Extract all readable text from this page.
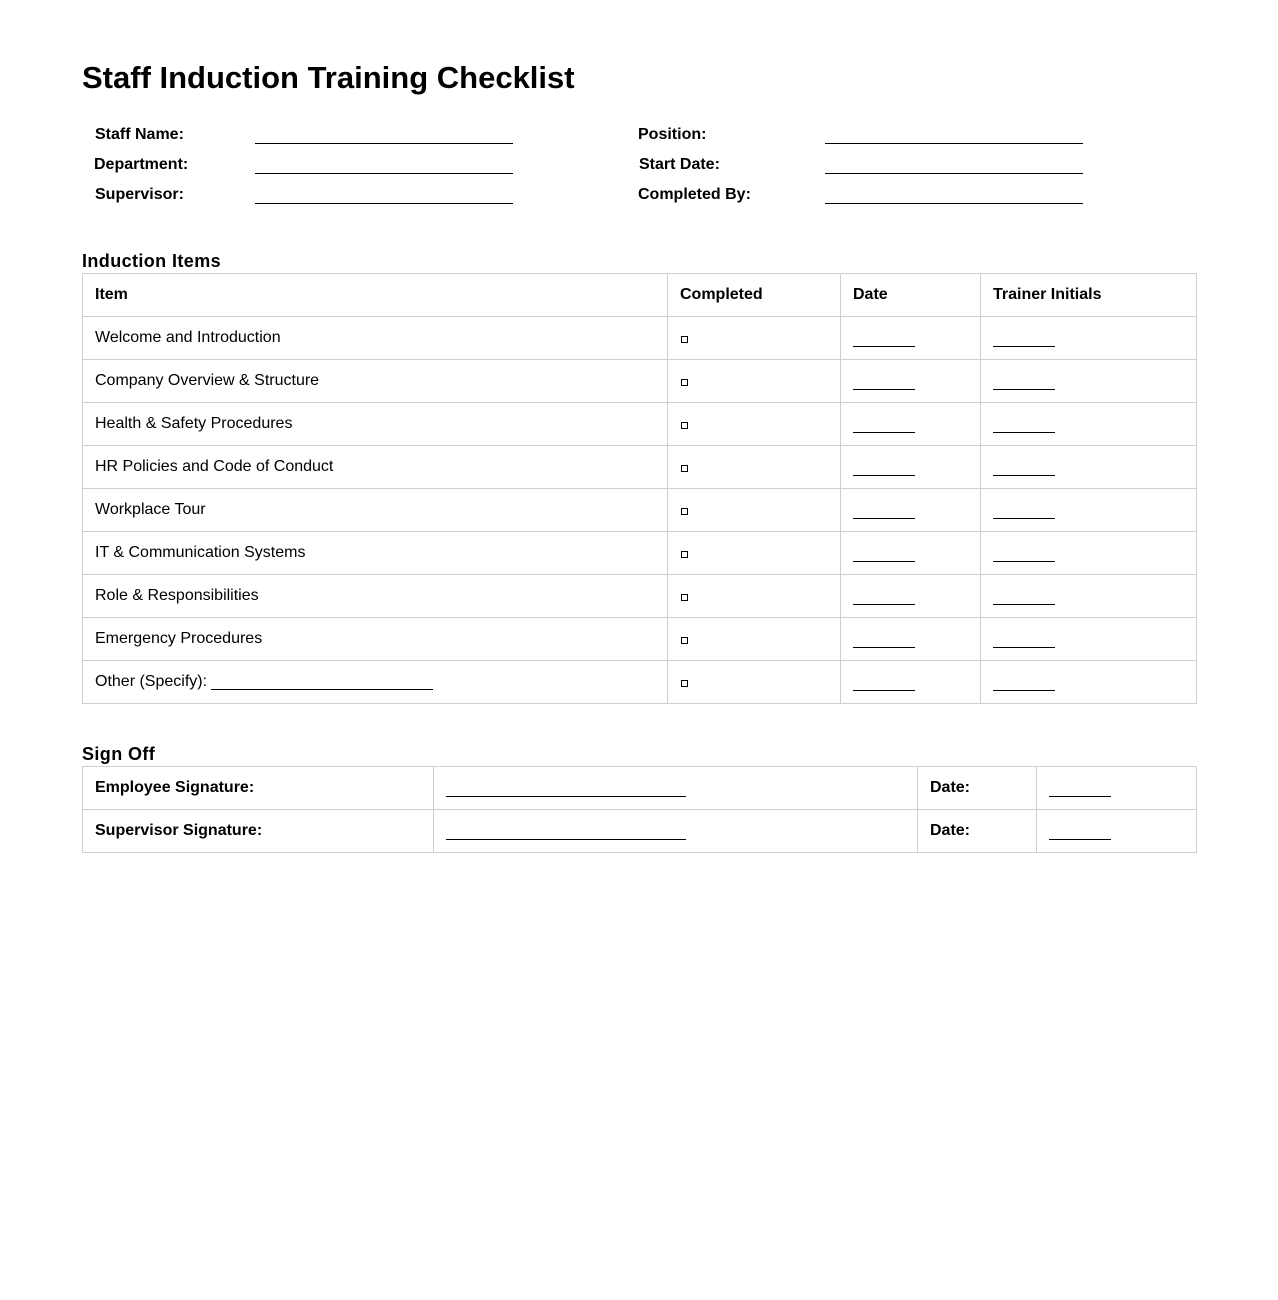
Staff Induction Training Checklist
Staff Name:	Position:
Department:	Start Date:
Supervisor:	Completed By:
Induction Items
Item	Completed	Date	Trainer Initials
Welcome and Introduction			
Company Overview & Structure			
Health & Safety Procedures			
HR Policies and Code of Conduct			
Workplace Tour			
IT & Communication Systems			
Role & Responsibilities			
Emergency Procedures			
Other (Specify):			
Sign Off
Employee Signature:		Date:	
Supervisor Signature:		Date:	
